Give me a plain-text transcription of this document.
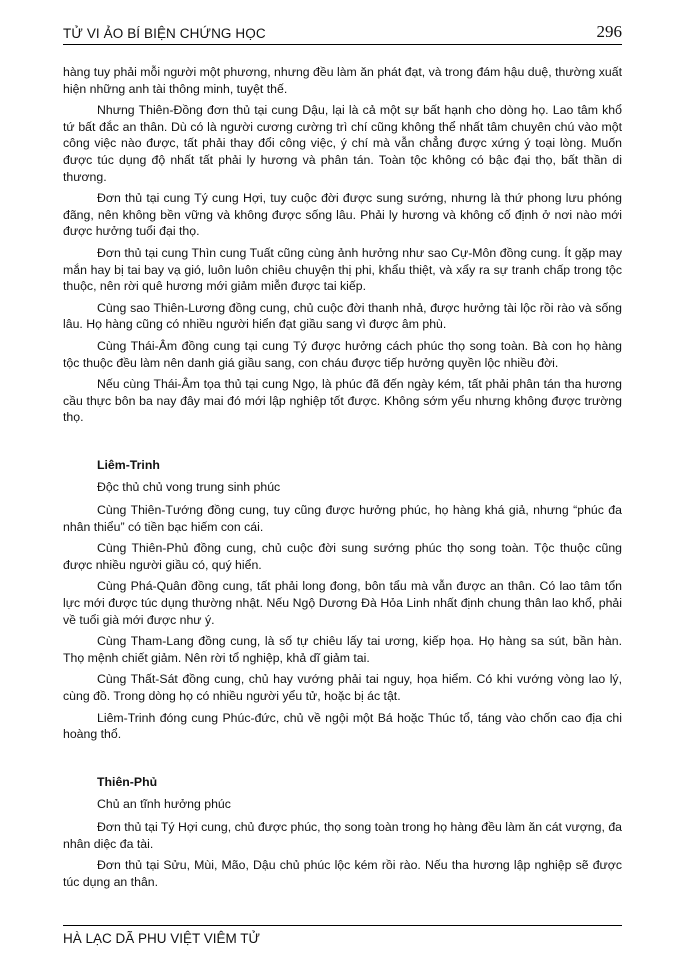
TỬ VI ẢO BÍ BIỆN CHỨNG HỌC	296

hàng tuy phải mỗi người một phương, nhưng đều làm ăn phát đạt, và trong đám hậu duệ, thường xuất hiện những anh tài thông minh, tuyệt thế.

Nhưng Thiên-Đồng đơn thủ tại cung Dậu, lại là cả một sự bất hạnh cho dòng họ. Lao tâm khổ tứ bất đắc an thân. Dù có là người cương cường trì chí cũng không thể nhất tâm chuyên chú vào một công việc nào được, tất phải thay đổi công việc, ý chí mà vẫn chẳng được xứng ý toại lòng. Muốn được túc dụng độ nhất tất phải ly hương và phân tán. Toàn tộc không có bậc đại thọ, bất thần di thương.

Đơn thủ tại cung Tý cung Hợi, tuy cuộc đời được sung sướng, nhưng là thứ phong lưu phóng đãng, nên không bền vững và không được sống lâu. Phải ly hương và không cố định ở nơi nào mới được hưởng tuổi đại thọ.

Đơn thủ tại cung Thìn cung Tuất cũng cùng ảnh hưởng như sao Cự-Môn đồng cung. Ít gặp may mắn hay bị tai bay vạ gió, luôn luôn chiêu chuyện thị phi, khẩu thiệt, và xẩy ra sự tranh chấp trong tộc thuộc, nên rời quê hương mới giảm miễn được tai kiếp.

Cùng sao Thiên-Lương đồng cung, chủ cuộc đời thanh nhả, được hưởng tài lộc rồi rào và sống lâu. Họ hàng cũng có nhiều người hiển đạt giầu sang vì được âm phù.

Cùng Thái-Âm đồng cung tại cung Tý được hưởng cách phúc thọ song toàn. Bà con họ hàng tộc thuộc đều làm nên danh giá giầu sang, con cháu được tiếp hưởng quyền lộc nhiều đời.

Nếu cùng Thái-Âm tọa thủ tại cung Ngọ, là phúc đã đến ngày kém, tất phải phân tán tha hương cầu thực bôn ba nay đây mai đó mới lập nghiệp tốt được. Không sớm yểu nhưng không được trường thọ.

Liêm-Trinh

Độc thủ chủ vong trung sinh phúc

Cùng Thiên-Tướng đồng cung, tuy cũng được hưởng phúc, họ hàng khá giả, nhưng “phúc đa nhân thiểu” có tiền bạc hiếm con cái.

Cùng Thiên-Phủ đồng cung, chủ cuộc đời sung sướng phúc thọ song toàn. Tộc thuộc cũng được nhiều người giầu có, quý hiển.

Cùng Phá-Quân đồng cung, tất phải long đong, bôn tẩu mà vẫn được an thân. Có lao tâm tổn lực mới được túc dụng thường nhật. Nếu Ngộ Dương Đà Hỏa Linh nhất định chung thân lao khổ, phải về tuổi già mới được như ý.

Cùng Tham-Lang đồng cung, là số tự chiêu lấy tai ương, kiếp họa. Họ hàng sa sút, bần hàn. Thọ mệnh chiết giảm. Nên rời tổ nghiệp, khả dĩ giảm tai.

Cùng Thất-Sát đồng cung, chủ hay vướng phải tai nguy, họa hiểm. Có khi vướng vòng lao lý, cùng đồ. Trong dòng họ có nhiều người yểu tử, hoặc bị ác tật.

Liêm-Trinh đóng cung Phúc-đức, chủ về ngội một Bá hoặc Thúc tổ, táng vào chốn cao địa chi hoàng thổ.

Thiên-Phủ

Chủ an tĩnh hưởng phúc

Đơn thủ tại Tý Hợi cung, chủ được phúc, thọ song toàn trong họ hàng đều làm ăn cát vượng, đa nhân diệc đa tài.

Đơn thủ tại Sửu, Mùi, Mão, Dậu chủ phúc lộc kém rồi rào. Nếu tha hương lập nghiệp sẽ được túc dụng an thân.

HÀ LẠC DÃ PHU VIỆT VIÊM TỬ
